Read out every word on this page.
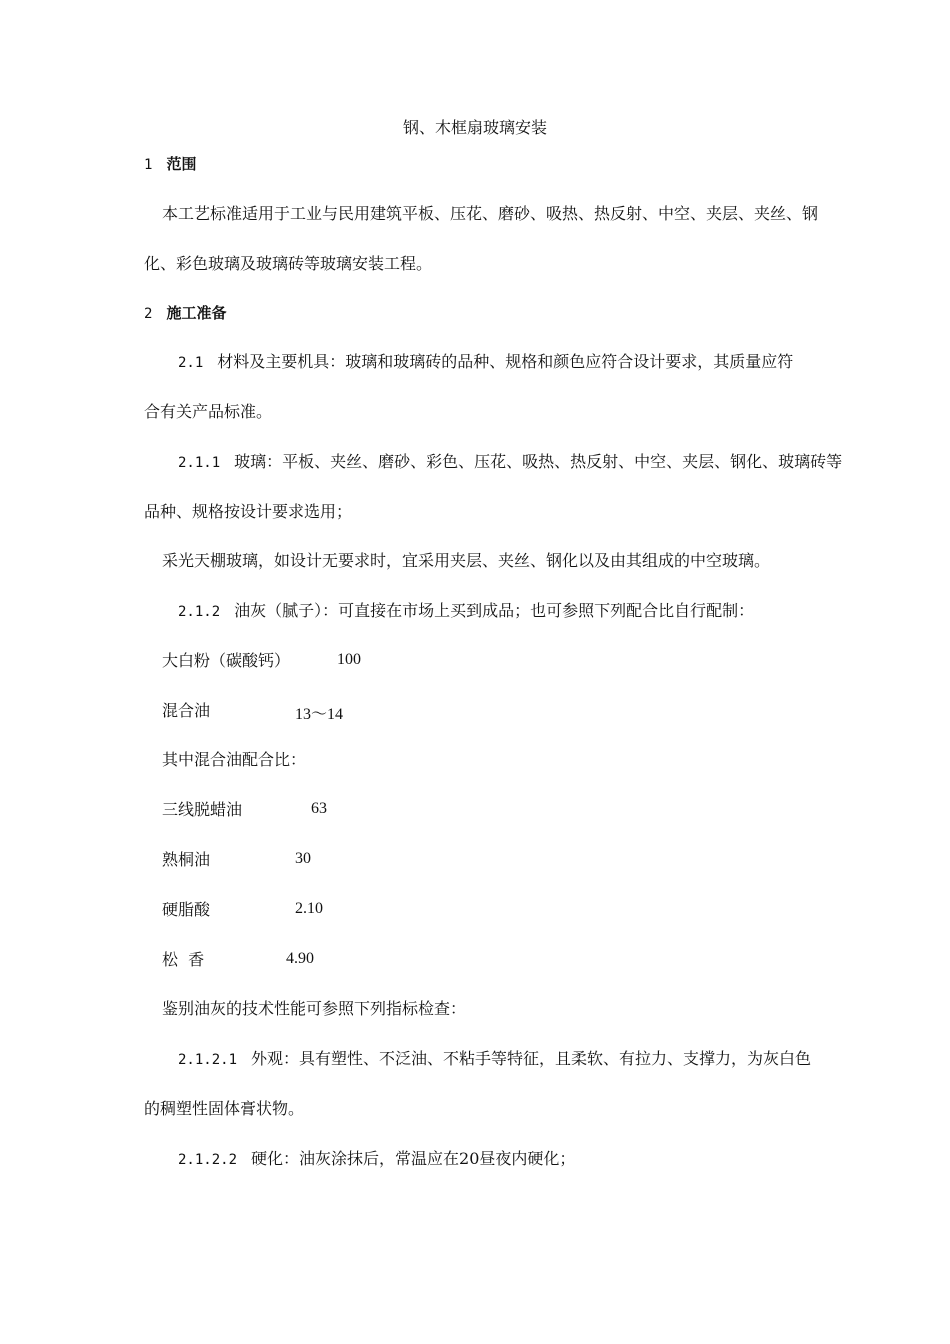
钢、木框扇玻璃安装
1 范围
本工艺标准适用于工业与民用建筑平板、压花、磨砂、吸热、热反射、中空、夹层、夹丝、钢
化、彩色玻璃及玻璃砖等玻璃安装工程。
2 施工准备
2.1 材料及主要机具：玻璃和玻璃砖的品种、规格和颜色应符合设计要求，其质量应符
合有关产品标准。
2.1.1 玻璃：平板、夹丝、磨砂、彩色、压花、吸热、热反射、中空、夹层、钢化、玻璃砖等
品种、规格按设计要求选用；
采光天棚玻璃，如设计无要求时，宜采用夹层、夹丝、钢化以及由其组成的中空玻璃。
2.1.2 油灰（腻子）：可直接在市场上买到成品；也可参照下列配合比自行配制：
大白粉（碳酸钙）	100
混合油	13～14
其中混合油配合比：
三线脱蜡油	63
熟桐油	30
硬脂酸	2.10
松  香	4.90
鉴别油灰的技术性能可参照下列指标检查：
2.1.2.1 外观：具有塑性、不泛油、不粘手等特征，且柔软、有拉力、支撑力，为灰白色
的稠塑性固体膏状物。
2.1.2.2 硬化：油灰涂抹后，常温应在20昼夜内硬化；
